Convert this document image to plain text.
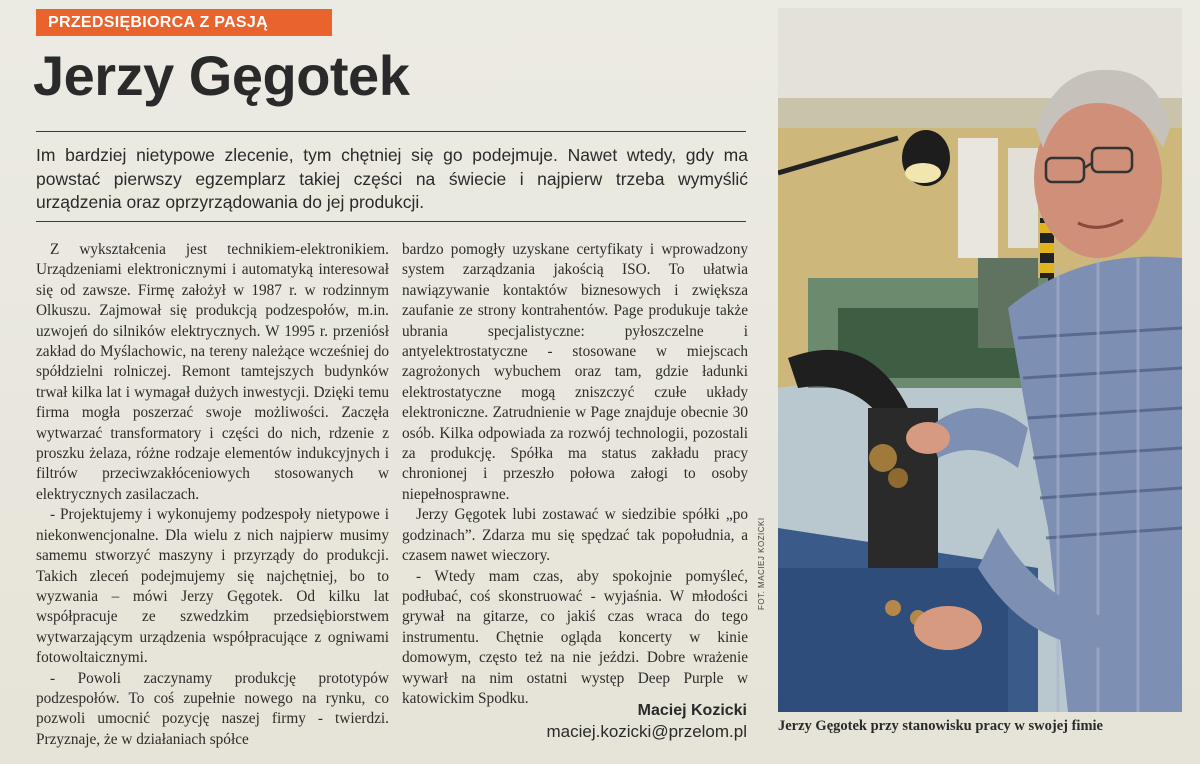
PRZEDSIĘBIORCA Z PASJĄ
Jerzy Gęgotek
Im bardziej nietypowe zlecenie, tym chętniej się go podejmuje. Nawet wtedy, gdy ma powstać pierwszy egzemplarz takiej części na świecie i najpierw trzeba wymyślić urządzenia oraz oprzyrządowania do jej produkcji.

Z wykształcenia jest technikiem-elektronikiem. Urządzeniami elektronicznymi i automatyką interesował się od zawsze. Firmę założył w 1987 r. w rodzinnym Olkuszu. Zajmował się produkcją podzespołów, m.in. uzwojeń do silników elektrycznych. W 1995 r. przeniósł zakład do Myślachowic, na tereny należące wcześniej do spółdzielni rolniczej. Remont tamtejszych budynków trwał kilka lat i wymagał dużych inwestycji. Dzięki temu firma mogła poszerzać swoje możliwości. Zaczęła wytwarzać transformatory i części do nich, rdzenie z proszku żelaza, różne rodzaje elementów indukcyjnych i filtrów przeciwzakłóceniowych stosowanych w elektrycznych zasilaczach.

- Projektujemy i wykonujemy podzespoły nietypowe i niekonwencjonalne. Dla wielu z nich najpierw musimy samemu stworzyć maszyny i przyrządy do produkcji. Takich zleceń podejmujemy się najchętniej, bo to wyzwania – mówi Jerzy Gęgotek. Od kilku lat współpracuje ze szwedzkim przedsiębiorstwem wytwarzającym urządzenia współpracujące z ogniwami fotowoltaicznymi.

- Powoli zaczynamy produkcję prototypów podzespołów. To coś zupełnie nowego na rynku, co pozwoli umocnić pozycję naszej firmy - twierdzi. Przyznaje, że w działaniach spółce

bardzo pomogły uzyskane certyfikaty i wprowadzony system zarządzania jakością ISO. To ułatwia nawiązywanie kontaktów biznesowych i zwiększa zaufanie ze strony kontrahentów. Page produkuje także ubrania specjalistyczne: pyłoszczelne i antyelektrostatyczne - stosowane w miejscach zagrożonych wybuchem oraz tam, gdzie ładunki elektrostatyczne mogą zniszczyć czułe układy elektroniczne. Zatrudnienie w Page znajduje obecnie 30 osób. Kilka odpowiada za rozwój technologii, pozostali za produkcję. Spółka ma status zakładu pracy chronionej i przeszło połowa załogi to osoby niepełnosprawne.

Jerzy Gęgotek lubi zostawać w siedzibie spółki „po godzinach”. Zdarza mu się spędzać tak popołudnia, a czasem nawet wieczory.

- Wtedy mam czas, aby spokojnie pomyśleć, podłubać, coś skonstruować - wyjaśnia. W młodości grywał na gitarze, co jakiś czas wraca do tego instrumentu. Chętnie ogląda koncerty w kinie domowym, często też na nie jeździ. Dobre wrażenie wywarł na nim ostatni występ Deep Purple w katowickim Spodku.

Maciej Kozicki
maciej.kozicki@przelom.pl
FOT. MACIEJ KOZICKI
Jerzy Gęgotek przy stanowisku pracy w swojej fimie
